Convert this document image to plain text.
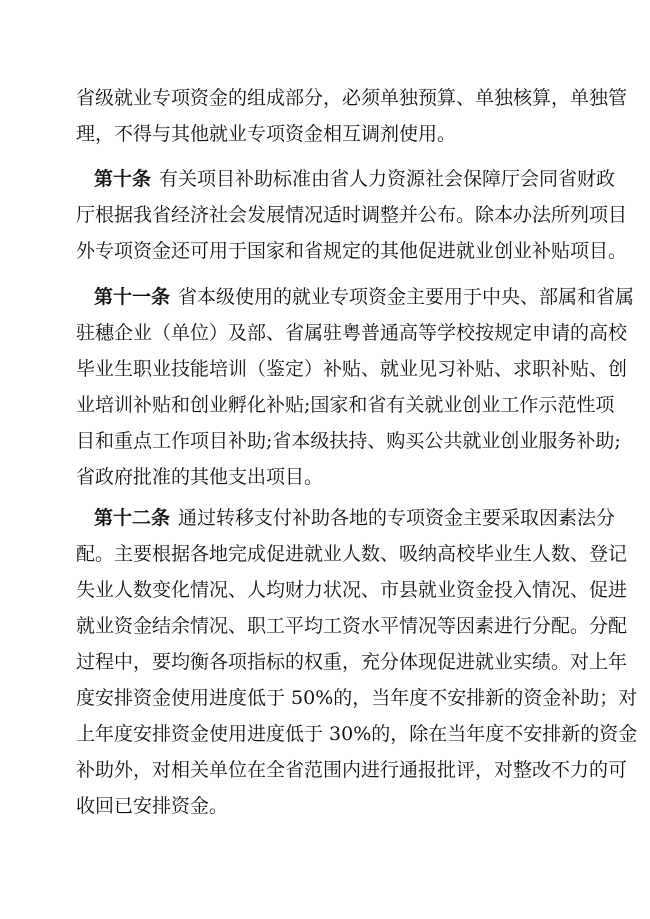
省级就业专项资金的组成部分，必须单独预算、单独核算，单独管
理，不得与其他就业专项资金相互调剂使用。
第十条 有关项目补助标准由省人力资源社会保障厅会同省财政
厅根据我省经济社会发展情况适时调整并公布。除本办法所列项目
外专项资金还可用于国家和省规定的其他促进就业创业补贴项目。
第十一条 省本级使用的就业专项资金主要用于中央、部属和省属
驻穗企业（单位）及部、省属驻粤普通高等学校按规定申请的高校
毕业生职业技能培训（鉴定）补贴、就业见习补贴、求职补贴、创
业培训补贴和创业孵化补贴;国家和省有关就业创业工作示范性项
目和重点工作项目补助;省本级扶持、购买公共就业创业服务补助;
省政府批准的其他支出项目。
第十二条 通过转移支付补助各地的专项资金主要采取因素法分
配。主要根据各地完成促进就业人数、吸纳高校毕业生人数、登记
失业人数变化情况、人均财力状况、市县就业资金投入情况、促进
就业资金结余情况、职工平均工资水平情况等因素进行分配。分配
过程中，要均衡各项指标的权重，充分体现促进就业实绩。对上年
度安排资金使用进度低于 50%的，当年度不安排新的资金补助；对
上年度安排资金使用进度低于 30%的，除在当年度不安排新的资金
补助外，对相关单位在全省范围内进行通报批评，对整改不力的可
收回已安排资金。
